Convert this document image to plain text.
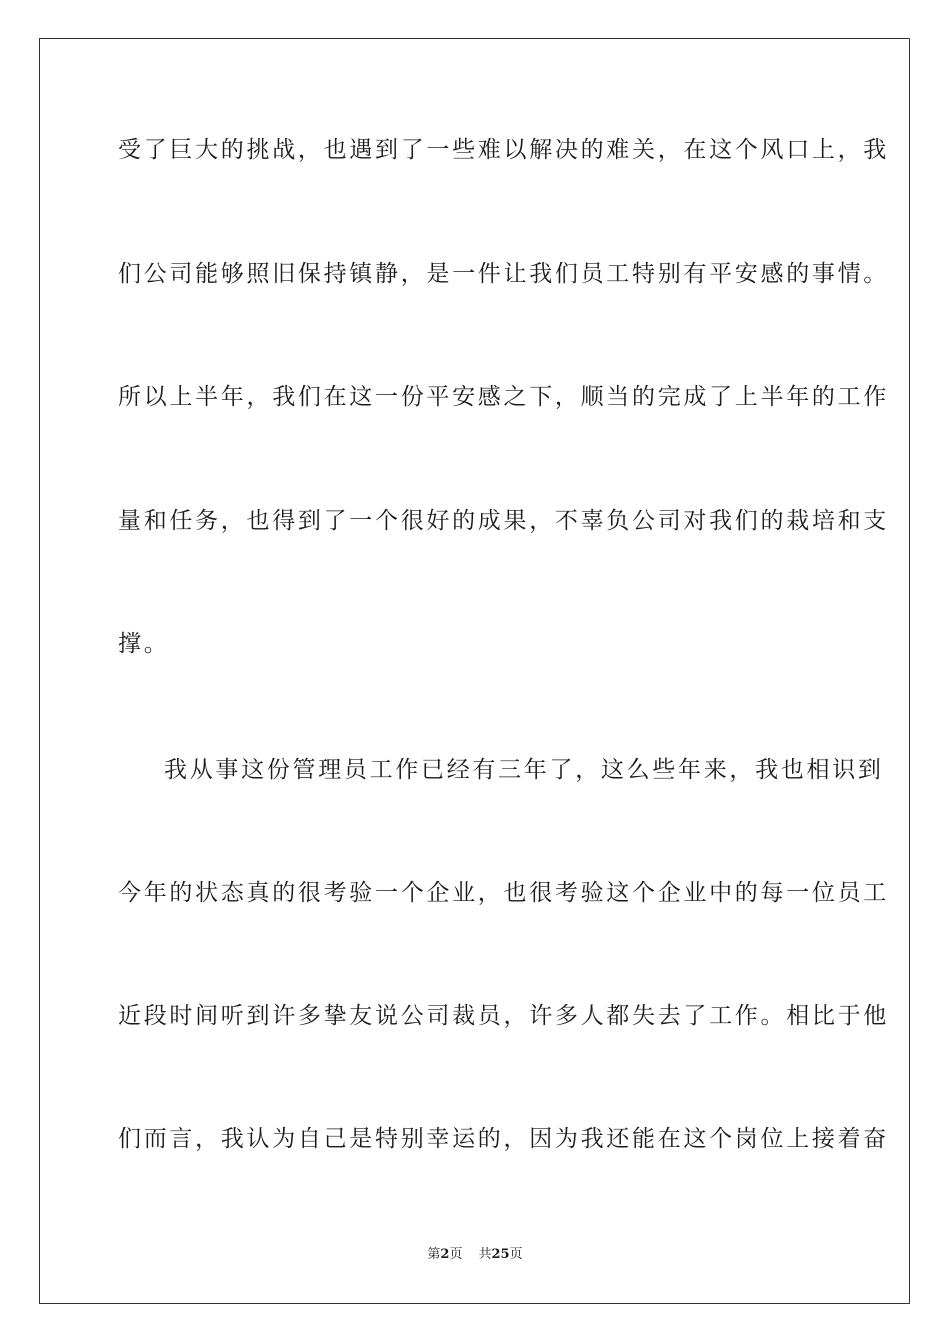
受了巨大的挑战，也遇到了一些难以解决的难关，在这个风口上，我
们公司能够照旧保持镇静，是一件让我们员工特别有平安感的事情。
所以上半年，我们在这一份平安感之下，顺当的完成了上半年的工作
量和任务，也得到了一个很好的成果，不辜负公司对我们的栽培和支
撑。
我从事这份管理员工作已经有三年了，这么些年来，我也相识到
今年的状态真的很考验一个企业，也很考验这个企业中的每一位员工
近段时间听到许多挚友说公司裁员，许多人都失去了工作。相比于他
们而言，我认为自己是特别幸运的，因为我还能在这个岗位上接着奋
第2页 共25页
